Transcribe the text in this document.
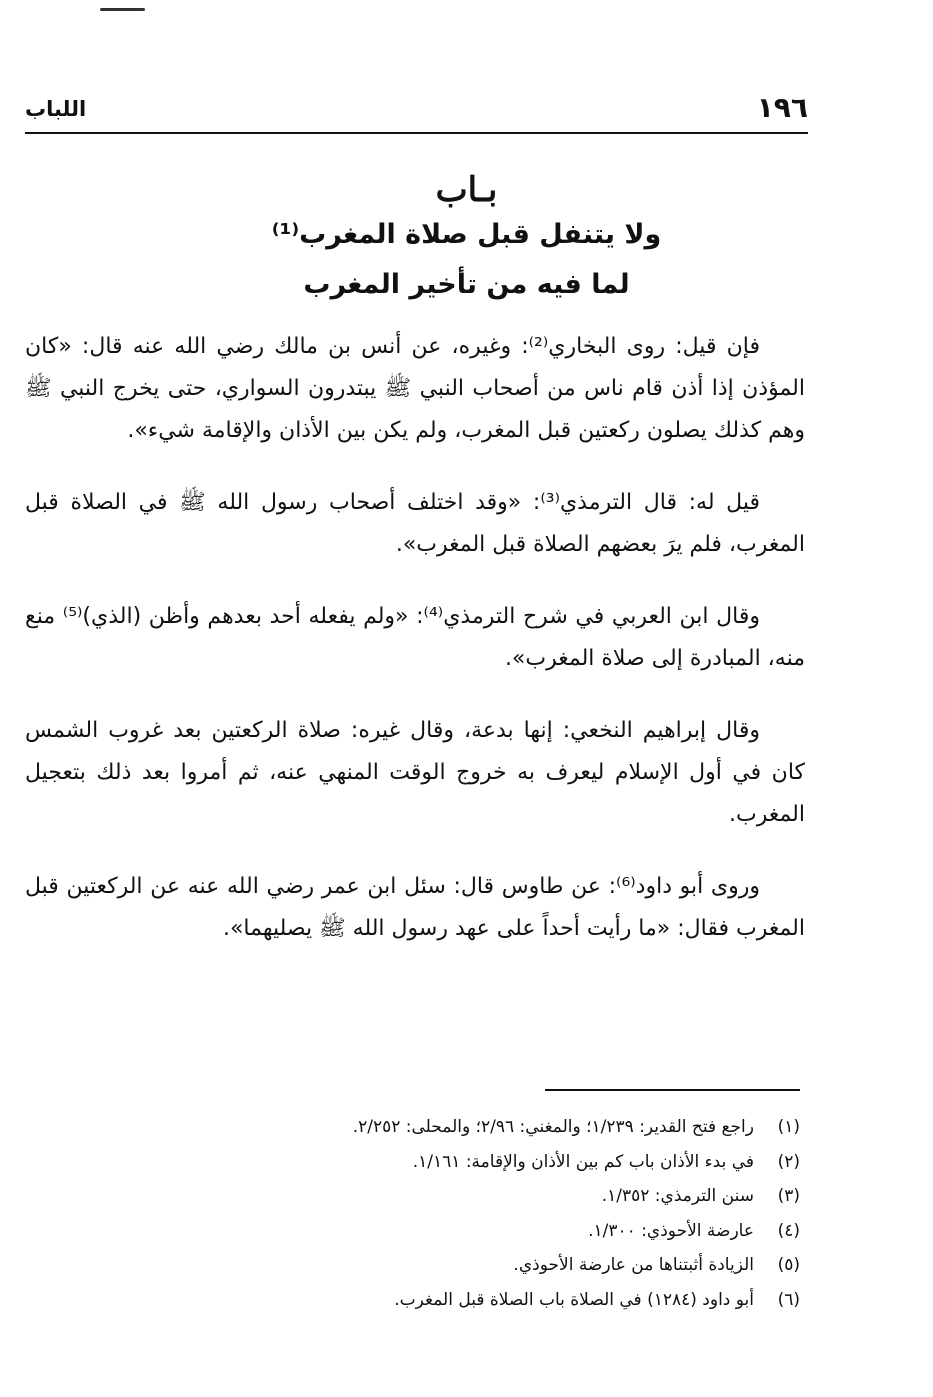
١٩٦
اللباب
بـاب
ولا يتنفل قبل صلاة المغرب⁽¹⁾
لما فيه من تأخير المغرب

فإن قيل: روى البخاري⁽²⁾: وغيره، عن أنس بن مالك رضي الله عنه قال: «كان المؤذن إذا أذن قام ناس من أصحاب النبي ﷺ يبتدرون السواري، حتى يخرج النبي ﷺ وهم كذلك يصلون ركعتين قبل المغرب، ولم يكن بين الأذان والإقامة شيء».

قيل له: قال الترمذي⁽³⁾: «وقد اختلف أصحاب رسول الله ﷺ في الصلاة قبل المغرب، فلم يرَ بعضهم الصلاة قبل المغرب».

وقال ابن العربي في شرح الترمذي⁽⁴⁾: «ولم يفعله أحد بعدهم وأظن (الذي)⁽⁵⁾ منع منه، المبادرة إلى صلاة المغرب».

وقال إبراهيم النخعي: إنها بدعة، وقال غيره: صلاة الركعتين بعد غروب الشمس كان في أول الإسلام ليعرف به خروج الوقت المنهي عنه، ثم أمروا بعد ذلك بتعجيل المغرب.

وروى أبو داود⁽⁶⁾: عن طاوس قال: سئل ابن عمر رضي الله عنه عن الركعتين قبل المغرب فقال: «ما رأيت أحداً على عهد رسول الله ﷺ يصليهما».

(١)راجع فتح القدير: ١/٢٣٩؛ والمغني: ٢/٩٦؛ والمحلى: ٢/٢٥٢.
(٢)في بدء الأذان باب كم بين الأذان والإقامة: ١/١٦١.
(٣)سنن الترمذي: ١/٣٥٢.
(٤)عارضة الأحوذي: ١/٣٠٠.
(٥)الزيادة أثبتناها من عارضة الأحوذي.
(٦)أبو داود (١٢٨٤) في الصلاة باب الصلاة قبل المغرب.
